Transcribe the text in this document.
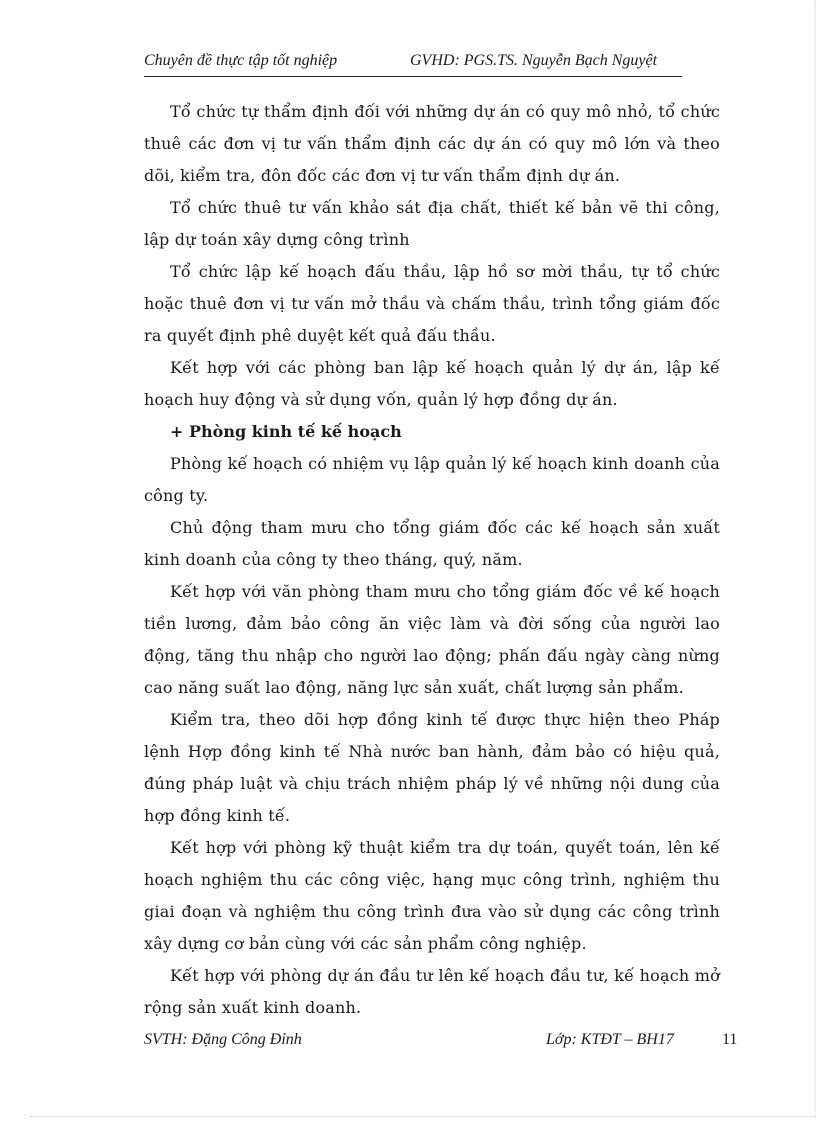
Chuyên đề thực tập tốt nghiệp	GVHD: PGS.TS. Nguyễn Bạch Nguyệt

Tổ chức tự thẩm định đối với những dự án có quy mô nhỏ, tổ chức thuê các đơn vị tư vấn thẩm định các dự án có quy mô lớn và theo dõi, kiểm tra, đôn đốc các đơn vị tư vấn thẩm định dự án.

Tổ chức thuê tư vấn khảo sát địa chất, thiết kế bản vẽ thi công, lập dự toán xây dựng công trình

Tổ chức lập kế hoạch đấu thầu, lập hồ sơ mời thầu, tự tổ chức hoặc thuê đơn vị tư vấn mở thầu và chấm thầu, trình tổng giám đốc ra quyết định phê duyệt kết quả đấu thầu.

Kết hợp với các phòng ban lập kế hoạch quản lý dự án, lập kế hoạch huy động và sử dụng vốn, quản lý hợp đồng dự án.

+ Phòng kinh tế kế hoạch

Phòng kế hoạch có nhiệm vụ lập quản lý kế hoạch kinh doanh của công ty.

Chủ động tham mưu cho tổng giám đốc các kế hoạch sản xuất kinh doanh của công ty theo tháng, quý, năm.

Kết hợp với văn phòng tham mưu cho tổng giám đốc về kế hoạch tiền lương, đảm bảo công ăn việc làm và đời sống của người lao động, tăng thu nhập cho người lao động; phấn đấu ngày càng nừng cao năng suất lao động, năng lực sản xuất, chất lượng sản phẩm.

Kiểm tra, theo dõi hợp đồng kinh tế được thực hiện theo Pháp lệnh Hợp đồng kinh tế Nhà nước ban hành, đảm bảo có hiệu quả, đúng pháp luật và chịu trách nhiệm pháp lý về những nội dung của hợp đồng kinh tế.

Kết hợp với phòng kỹ thuật kiểm tra dự toán, quyết toán, lên kế hoạch nghiệm thu các công việc, hạng mục công trình, nghiệm thu giai đoạn và nghiệm thu công trình đưa vào sử dụng các công trình xây dựng cơ bản cùng với các sản phẩm công nghiệp.

Kết hợp với phòng dự án đầu tư lên kế hoạch đầu tư, kế hoạch mở rộng sản xuất kinh doanh.

SVTH: Đặng Công Đỉnh	Lớp: KTĐT – BH17	11
